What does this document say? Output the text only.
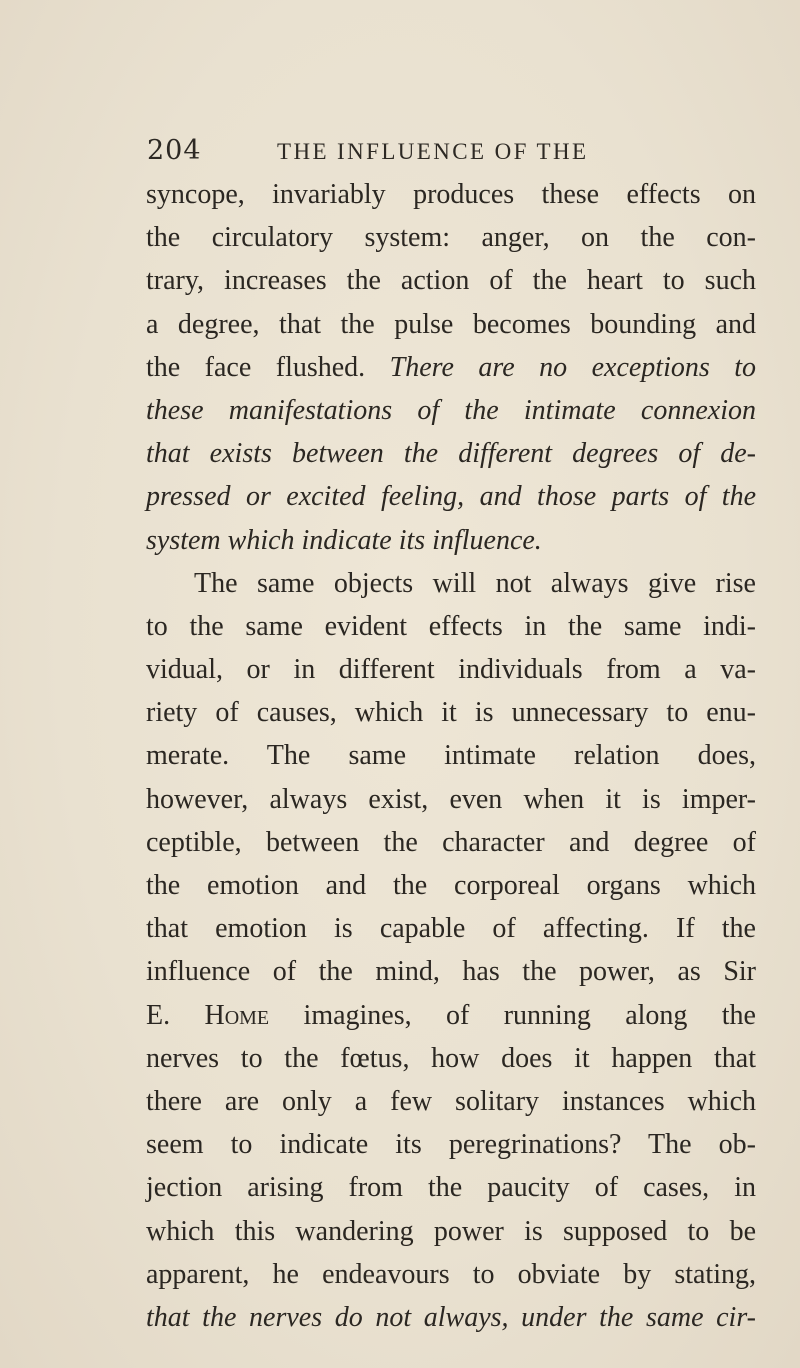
204	THE INFLUENCE OF THE
syncope, invariably produces these effects on
the circulatory system: anger, on the con-
trary, increases the action of the heart to such
a degree, that the pulse becomes bounding and
the face flushed. There are no exceptions to
these manifestations of the intimate connexion
that exists between the different degrees of de-
pressed or excited feeling, and those parts of the
system which indicate its influence.
The same objects will not always give rise
to the same evident effects in the same indi-
vidual, or in different individuals from a va-
riety of causes, which it is unnecessary to enu-
merate. The same intimate relation does,
however, always exist, even when it is imper-
ceptible, between the character and degree of
the emotion and the corporeal organs which
that emotion is capable of affecting. If the
influence of the mind, has the power, as Sir
E. Home imagines, of running along the
nerves to the fœtus, how does it happen that
there are only a few solitary instances which
seem to indicate its peregrinations? The ob-
jection arising from the paucity of cases, in
which this wandering power is supposed to be
apparent, he endeavours to obviate by stating,
that the nerves do not always, under the same cir-
